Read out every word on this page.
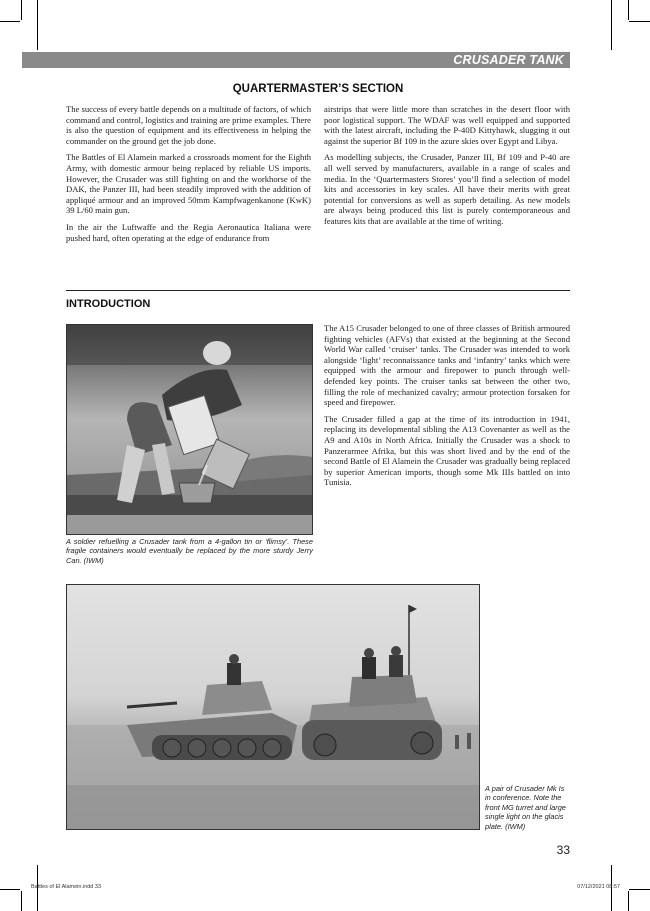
CRUSADER TANK
QUARTERMASTER’S SECTION

The success of every battle depends on a multitude of factors, of which command and control, logistics and training are prime examples. There is also the question of equipment and its effectiveness in helping the commander on the ground get the job done.

The Battles of El Alamein marked a crossroads moment for the Eighth Army, with domestic armour being replaced by reliable US imports. However, the Crusader was still fighting on and the workhorse of the DAK, the Panzer III, had been steadily improved with the addition of appliqué armour and an improved 50mm Kampfwagenkanone (KwK) 39 L/60 main gun.

In the air the Luftwaffe and the Regia Aeronautica Italiana were pushed hard, often operating at the edge of endurance from

airstrips that were little more than scratches in the desert floor with poor logistical support. The WDAF was well equipped and supported with the latest aircraft, including the P-40D Kittyhawk, slugging it out against the superior Bf 109 in the azure skies over Egypt and Libya.

As modelling subjects, the Crusader, Panzer III, Bf 109 and P-40 are all well served by manufacturers, available in a range of scales and media. In the ‘Quartermasters Stores’ you’ll find a selection of model kits and accessories in key scales. All have their merits with great potential for conversions as well as superb detailing. As new models are always being produced this list is purely contemporaneous and features kits that are available at the time of writing.

INTRODUCTION
A soldier refuelling a Crusader tank from a 4-gallon tin or ‘flimsy’. These fragile containers would eventually be replaced by the more sturdy Jerry Can. (IWM)

The A15 Crusader belonged to one of three classes of British armoured fighting vehicles (AFVs) that existed at the beginning at the Second World War called ‘cruiser’ tanks. The Crusader was intended to work alongside ‘light’ reconnaissance tanks and ‘infantry’ tanks which were equipped with the armour and firepower to punch through well-defended key points. The cruiser tanks sat between the other two, filling the role of mechanized cavalry; armour protection forsaken for speed and firepower.

The Crusader filled a gap at the time of its introduction in 1941, replacing its developmental sibling the A13 Covenanter as well as the A9 and A10s in North Africa. Initially the Crusader was a shock to Panzerarmee Afrika, but this was short lived and by the end of the second Battle of El Alamein the Crusader was gradually being replaced by superior American imports, though some Mk IIIs battled on into Tunisia.

A pair of Crusader Mk Is in conference. Note the front MG turret and large single light on the glacis plate. (IWM)
33
Battles of El Alamein.indd 33	07/12/2021 08:57
